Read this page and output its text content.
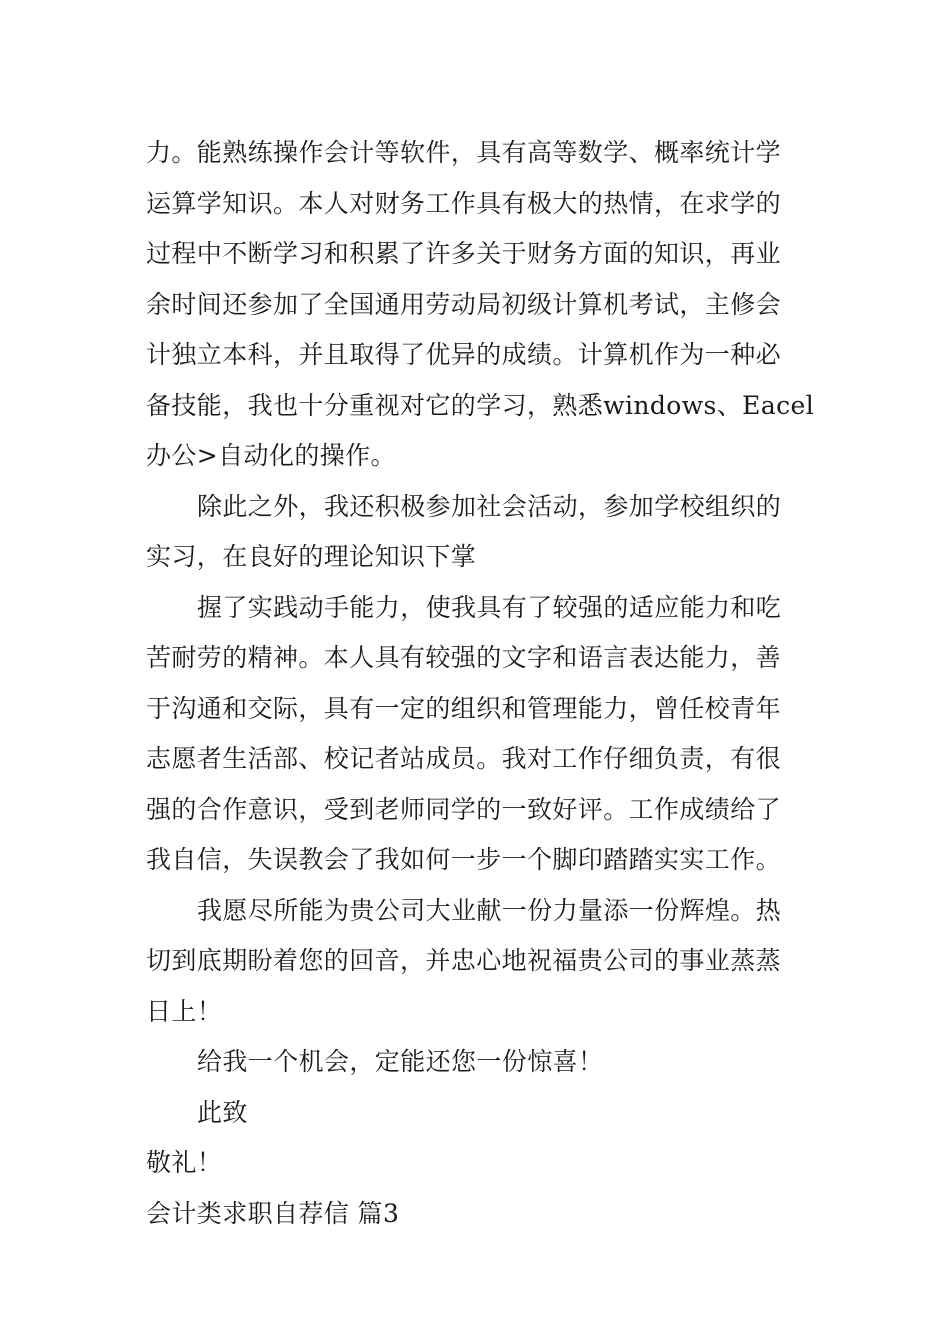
力。能熟练操作会计等软件，具有高等数学、概率统计学
运算学知识。本人对财务工作具有极大的热情，在求学的
过程中不断学习和积累了许多关于财务方面的知识，再业
余时间还参加了全国通用劳动局初级计算机考试，主修会
计独立本科，并且取得了优异的成绩。计算机作为一种必
备技能，我也十分重视对它的学习，熟悉windows、Eacel
办公>自动化的操作。

除此之外，我还积极参加社会活动，参加学校组织的
实习，在良好的理论知识下掌

握了实践动手能力，使我具有了较强的适应能力和吃
苦耐劳的精神。本人具有较强的文字和语言表达能力，善
于沟通和交际，具有一定的组织和管理能力，曾任校青年
志愿者生活部、校记者站成员。我对工作仔细负责，有很
强的合作意识，受到老师同学的一致好评。工作成绩给了
我自信，失误教会了我如何一步一个脚印踏踏实实工作。

我愿尽所能为贵公司大业献一份力量添一份辉煌。热
切到底期盼着您的回音，并忠心地祝福贵公司的事业蒸蒸
日上！

给我一个机会，定能还您一份惊喜！

此致

敬礼！

会计类求职自荐信 篇3
